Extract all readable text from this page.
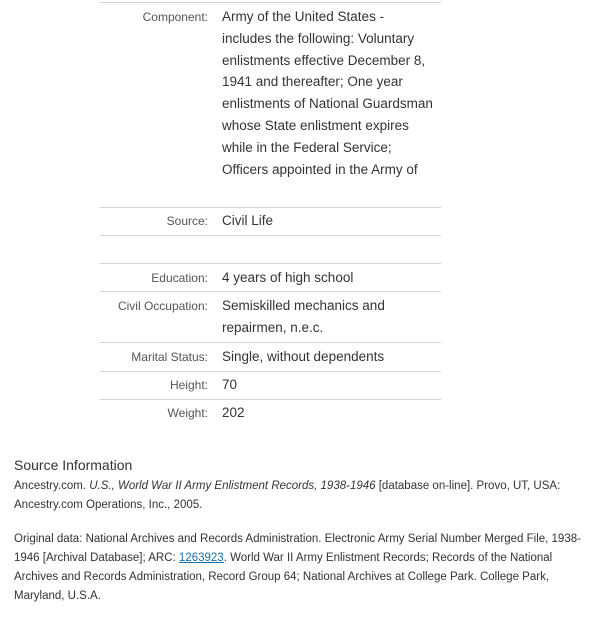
Component: Army of the United States - includes the following: Voluntary enlistments effective December 8, 1941 and thereafter; One year enlistments of National Guardsman whose State enlistment expires while in the Federal Service; Officers appointed in the Army of
Source: Civil Life
Education: 4 years of high school
Civil Occupation: Semiskilled mechanics and repairmen, n.e.c.
Marital Status: Single, without dependents
Height: 70
Weight: 202
Source Information

Ancestry.com. U.S., World War II Army Enlistment Records, 1938-1946 [database on-line]. Provo, UT, USA: Ancestry.com Operations, Inc., 2005.

Original data: National Archives and Records Administration. Electronic Army Serial Number Merged File, 1938-1946 [Archival Database]; ARC: 1263923. World War II Army Enlistment Records; Records of the National Archives and Records Administration, Record Group 64; National Archives at College Park. College Park, Maryland, U.S.A.
